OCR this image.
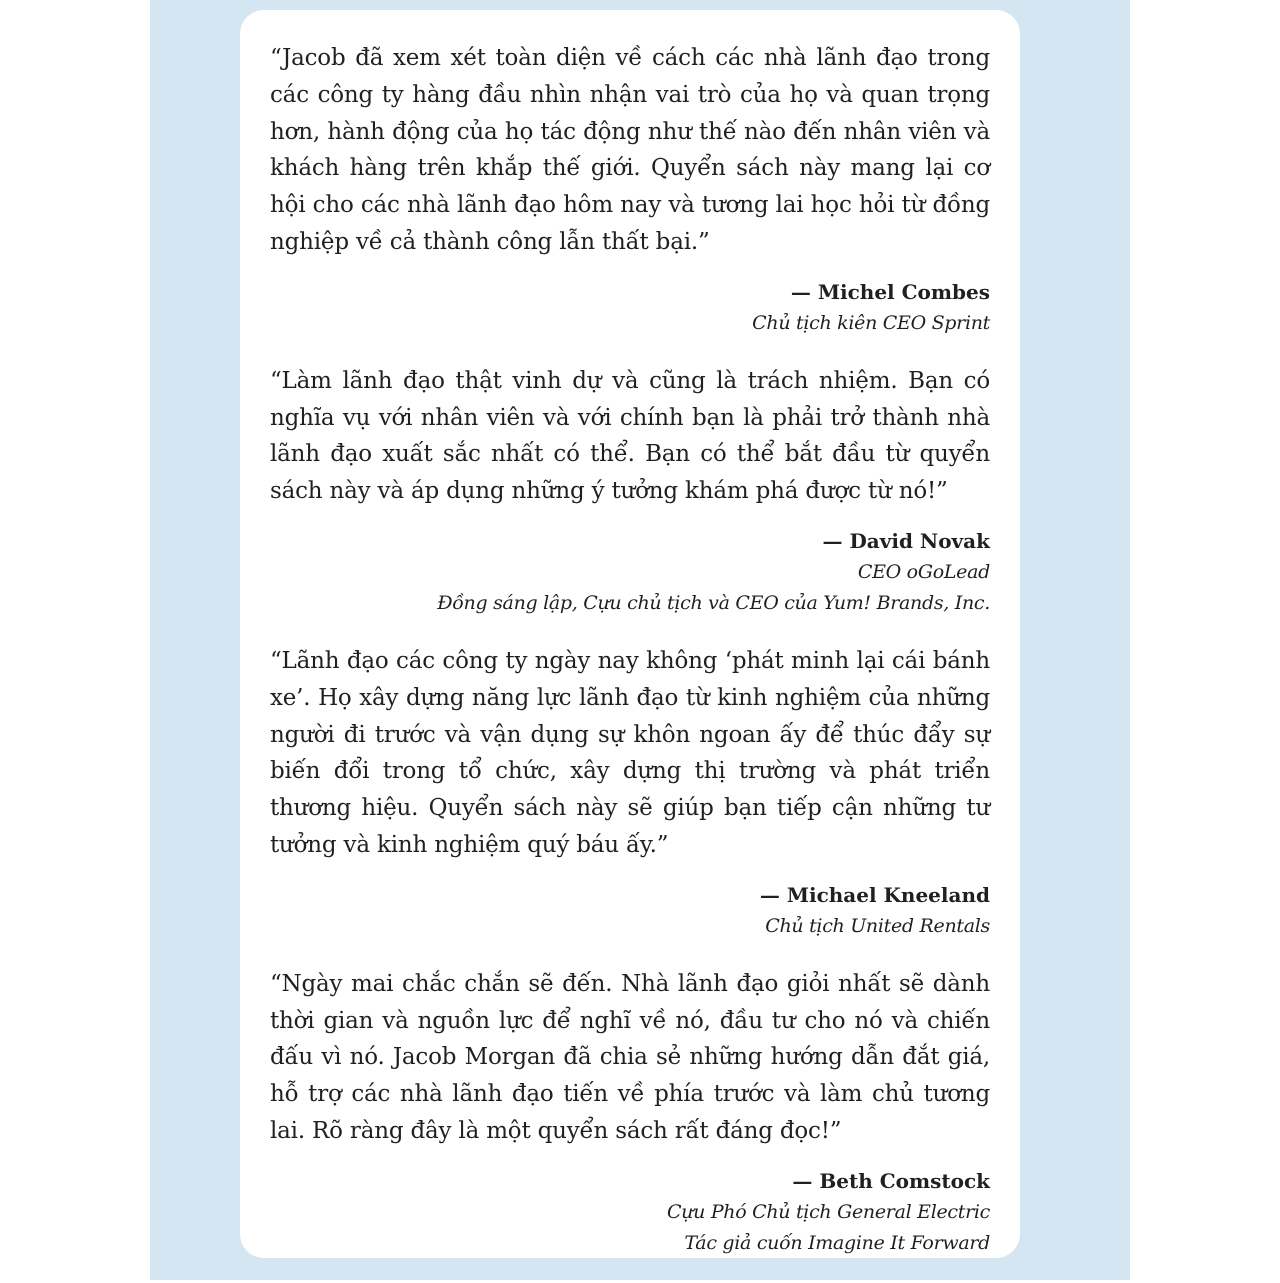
“Jacob đã xem xét toàn diện về cách các nhà lãnh đạo trong các công ty hàng đầu nhìn nhận vai trò của họ và quan trọng hơn, hành động của họ tác động như thế nào đến nhân viên và khách hàng trên khắp thế giới. Quyển sách này mang lại cơ hội cho các nhà lãnh đạo hôm nay và tương lai học hỏi từ đồng nghiệp về cả thành công lẫn thất bại.”

— Michel Combes
Chủ tịch kiên CEO Sprint

“Làm lãnh đạo thật vinh dự và cũng là trách nhiệm. Bạn có nghĩa vụ với nhân viên và với chính bạn là phải trở thành nhà lãnh đạo xuất sắc nhất có thể. Bạn có thể bắt đầu từ quyển sách này và áp dụng những ý tưởng khám phá được từ nó!”

— David Novak
CEO oGoLead
Đồng sáng lập, Cựu chủ tịch và CEO của Yum! Brands, Inc.

“Lãnh đạo các công ty ngày nay không ‘phát minh lại cái bánh xe’. Họ xây dựng năng lực lãnh đạo từ kinh nghiệm của những người đi trước và vận dụng sự khôn ngoan ấy để thúc đẩy sự biến đổi trong tổ chức, xây dựng thị trường và phát triển thương hiệu. Quyển sách này sẽ giúp bạn tiếp cận những tư tưởng và kinh nghiệm quý báu ấy.”

— Michael Kneeland
Chủ tịch United Rentals

“Ngày mai chắc chắn sẽ đến. Nhà lãnh đạo giỏi nhất sẽ dành thời gian và nguồn lực để nghĩ về nó, đầu tư cho nó và chiến đấu vì nó. Jacob Morgan đã chia sẻ những hướng dẫn đắt giá, hỗ trợ các nhà lãnh đạo tiến về phía trước và làm chủ tương lai. Rõ ràng đây là một quyển sách rất đáng đọc!”

— Beth Comstock
Cựu Phó Chủ tịch General Electric
Tác giả cuốn Imagine It Forward
